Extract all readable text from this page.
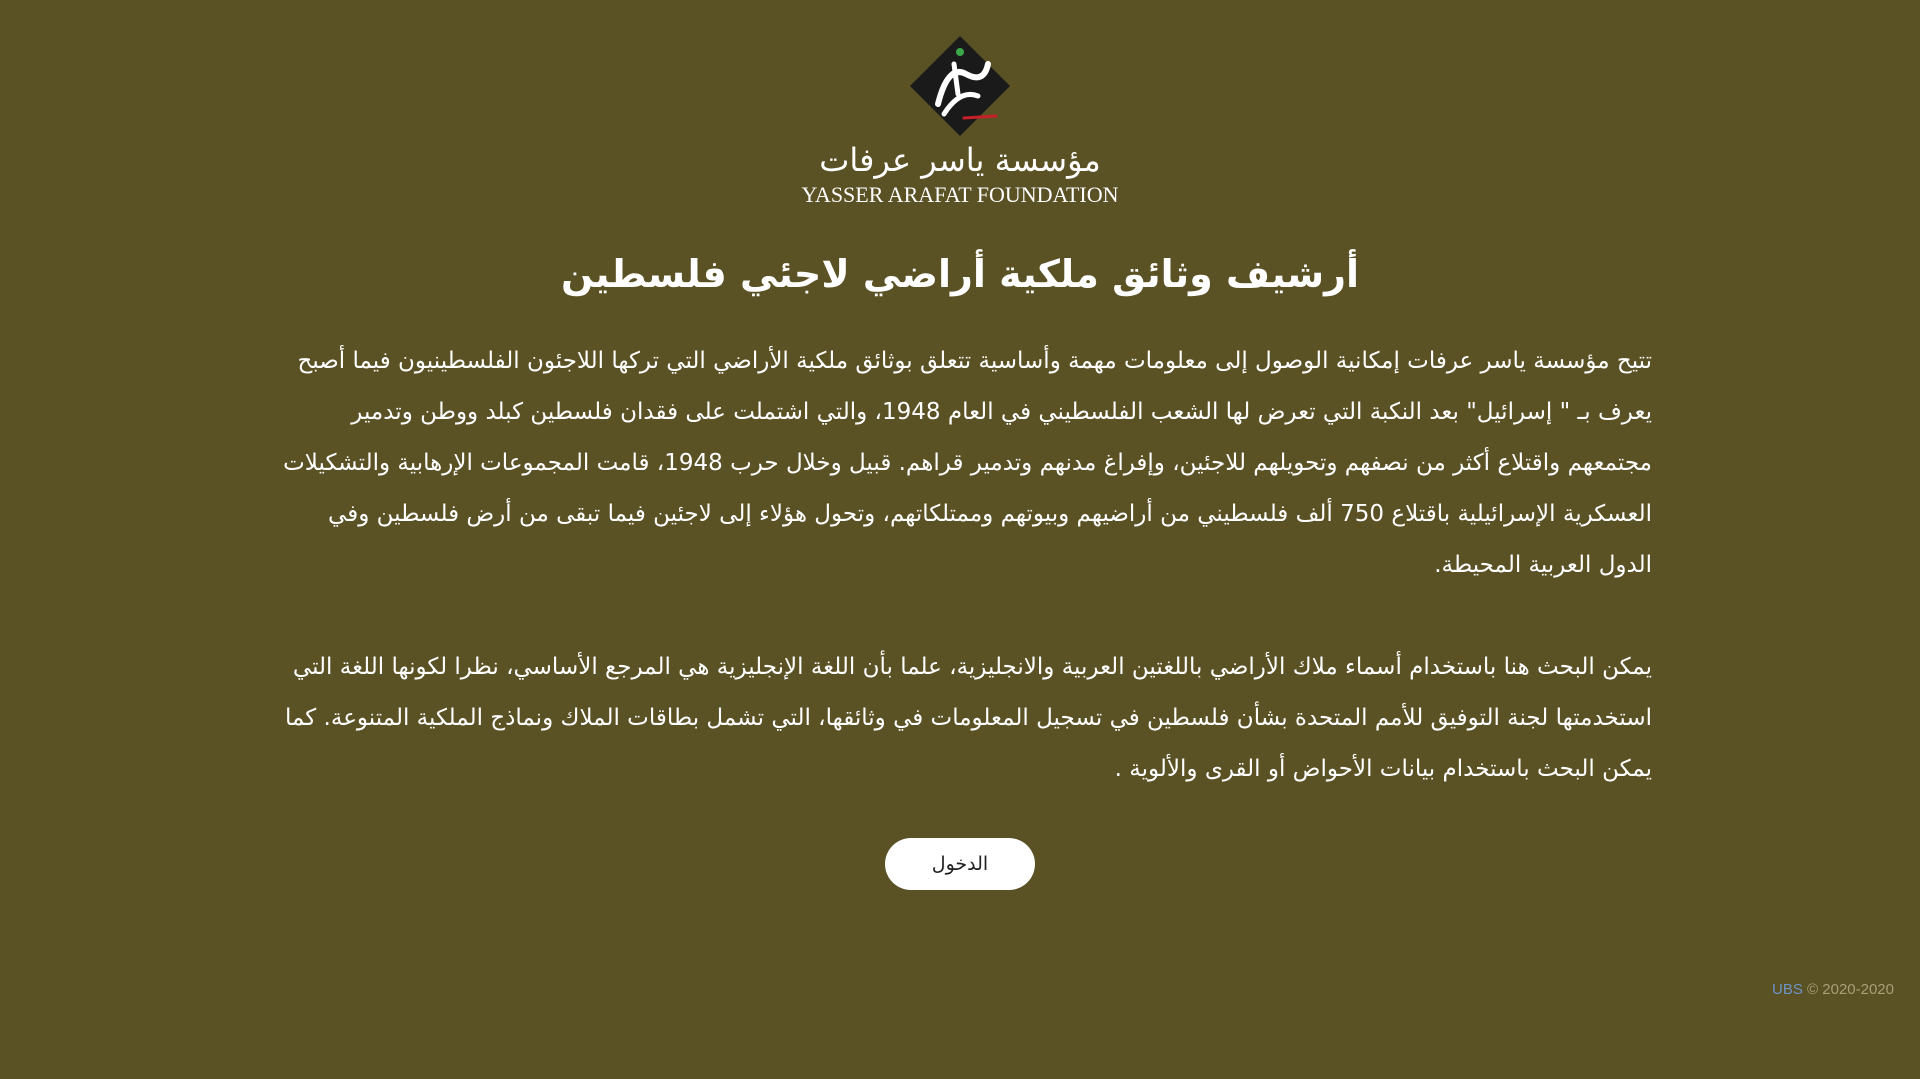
مؤسسة ياسر عرفات
YASSER ARAFAT FOUNDATION
أرشيف وثائق ملكية أراضي لاجئي فلسطين

تتيح مؤسسة ياسر عرفات إمكانية الوصول إلى معلومات مهمة وأساسية تتعلق بوثائق ملكية الأراضي التي تركها اللاجئون الفلسطينيون فيما أصبح يعرف بـ " إسرائيل" بعد النكبة التي تعرض لها الشعب الفلسطيني في العام 1948، والتي اشتملت على فقدان فلسطين كبلد ووطن وتدمير مجتمعهم واقتلاع أكثر من نصفهم وتحويلهم للاجئين، وإفراغ مدنهم وتدمير قراهم. قبيل وخلال حرب 1948، قامت المجموعات الإرهابية والتشكيلات العسكرية الإسرائيلية باقتلاع 750 ألف فلسطيني من أراضيهم وبيوتهم وممتلكاتهم، وتحول هؤلاء إلى لاجئين فيما تبقى من أرض فلسطين وفي الدول العربية المحيطة.

يمكن البحث هنا باستخدام أسماء ملاك الأراضي باللغتين العربية والانجليزية، علما بأن اللغة الإنجليزية هي المرجع الأساسي، نظرا لكونها اللغة التي استخدمتها لجنة التوفيق للأمم المتحدة بشأن فلسطين في تسجيل المعلومات في وثائقها، التي تشمل بطاقات الملاك ونماذج الملكية المتنوعة. كما يمكن البحث باستخدام بيانات الأحواض أو القرى والألوية .

الدخول
UBS © 2020-2020
